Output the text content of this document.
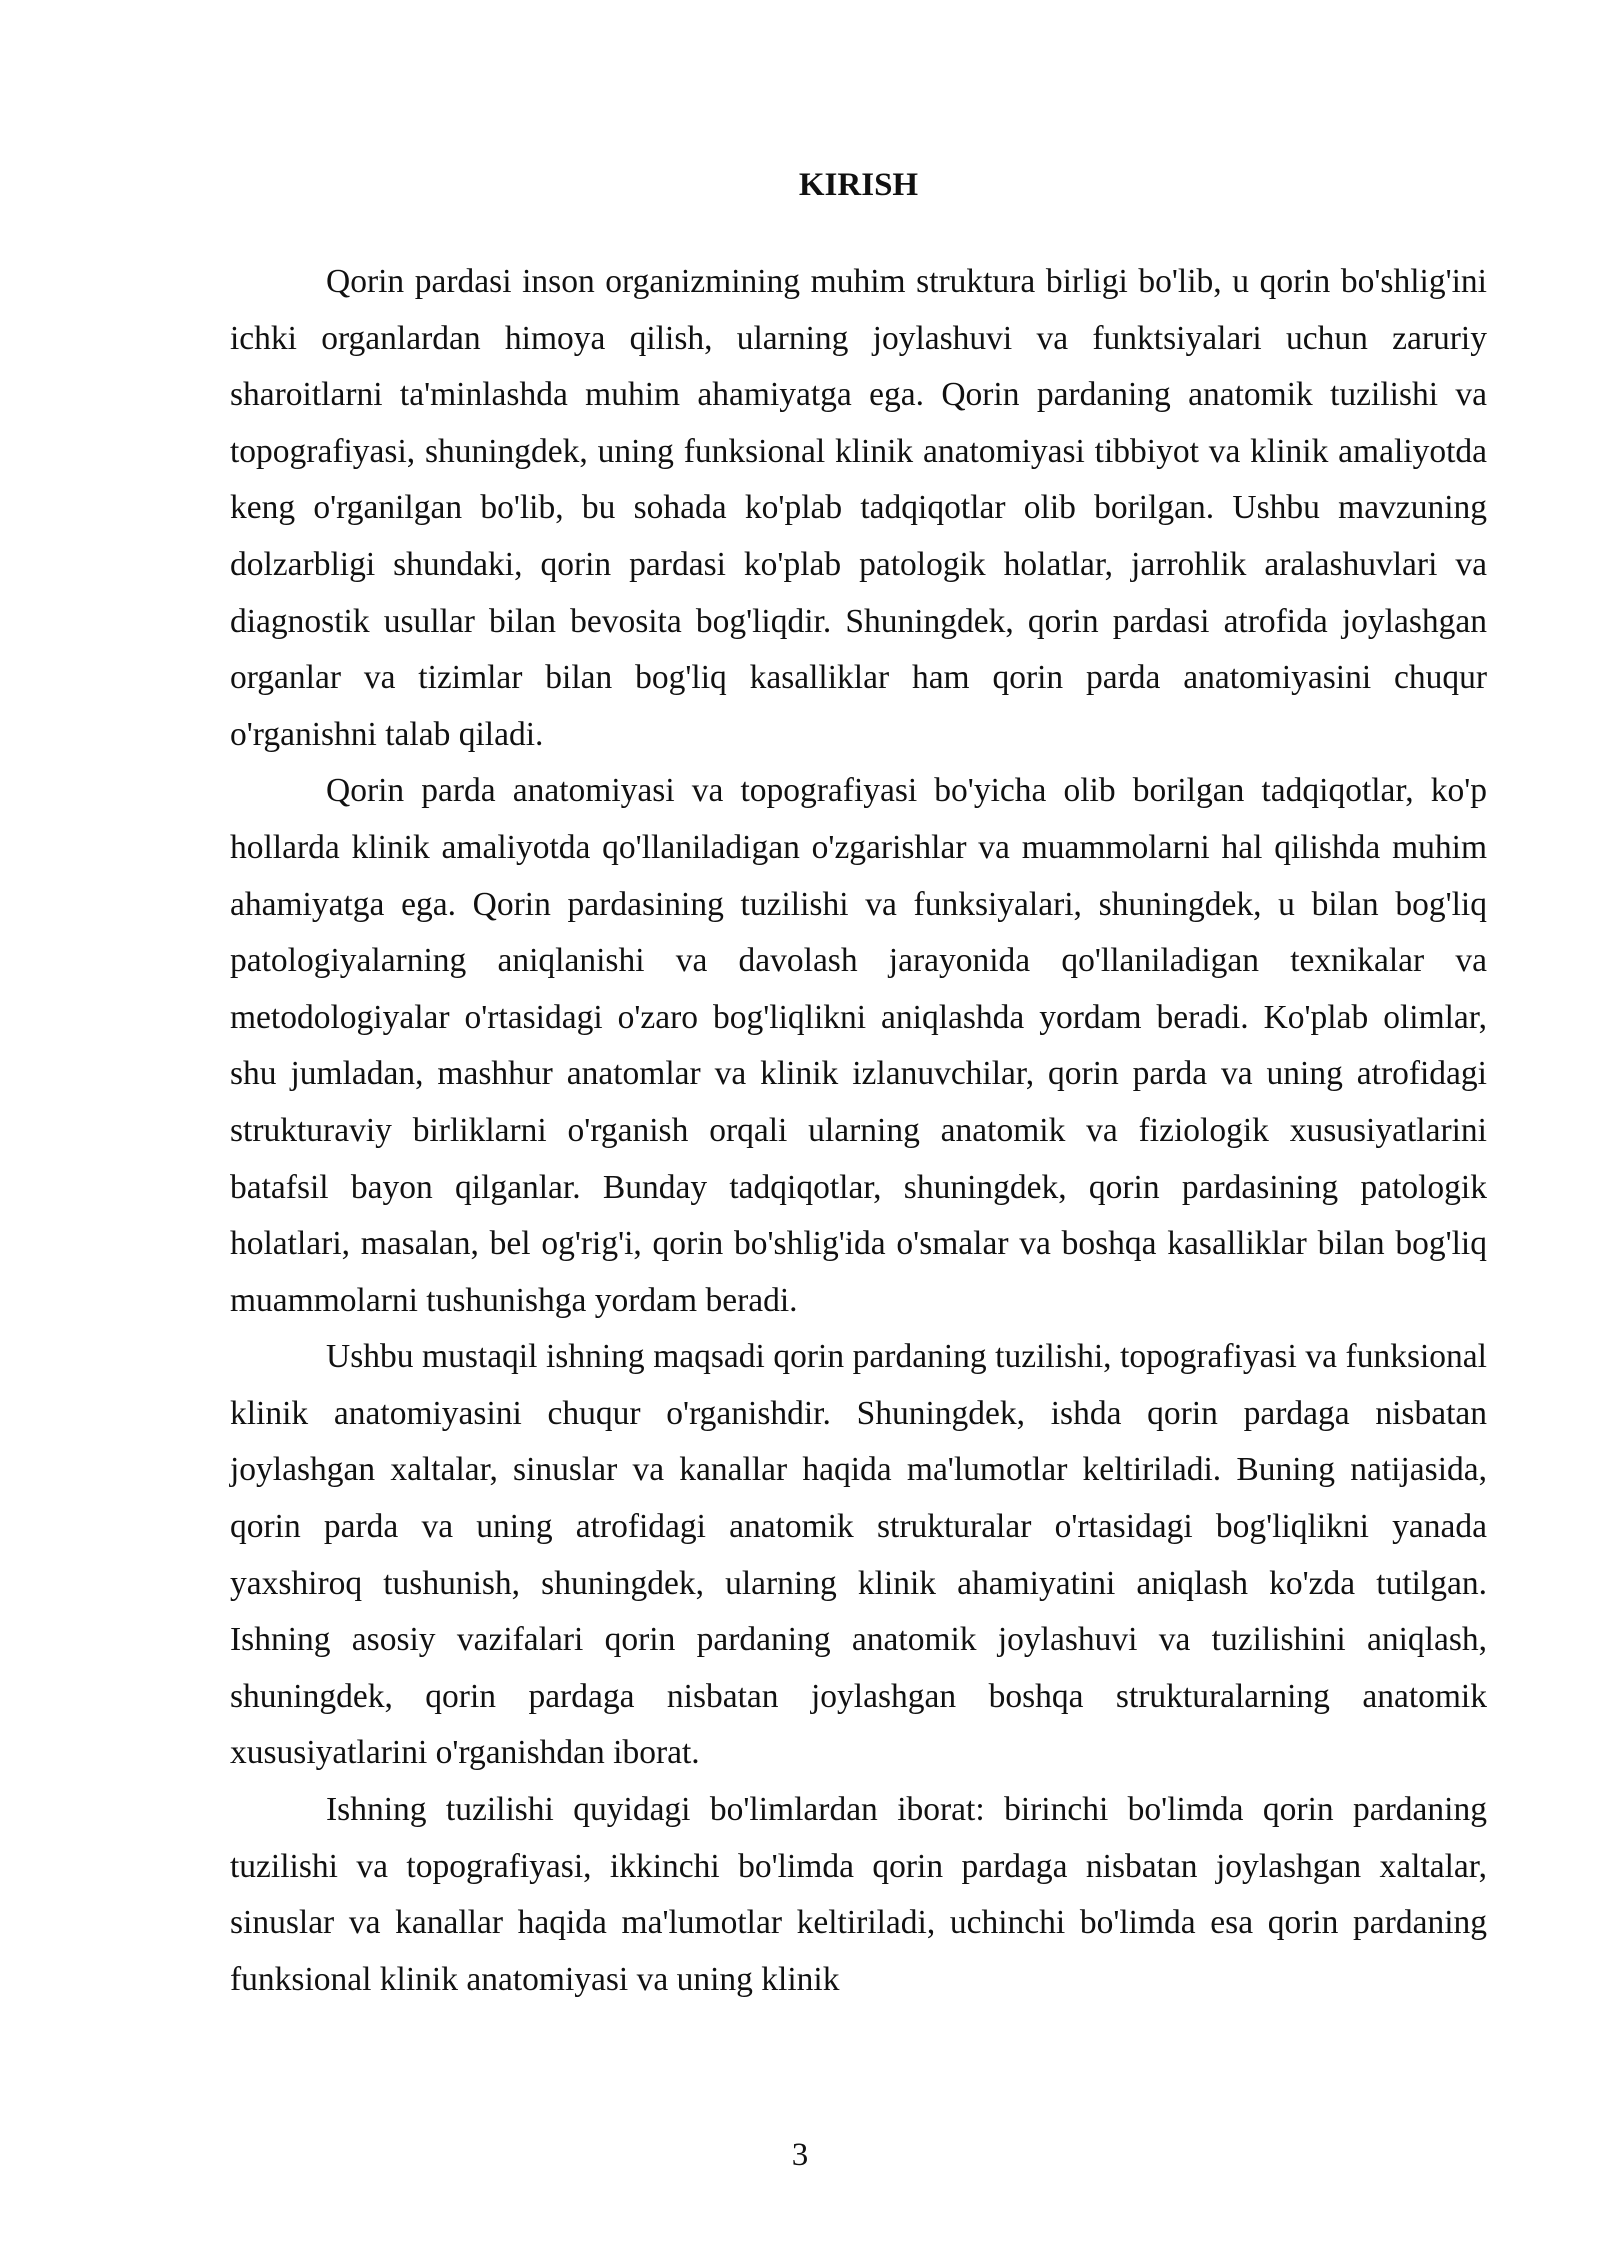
KIRISH

Qorin pardasi inson organizmining muhim struktura birligi bo'lib, u qorin bo'shlig'ini ichki organlardan himoya qilish, ularning joylashuvi va funktsiyalari uchun zaruriy sharoitlarni ta'minlashda muhim ahamiyatga ega. Qorin pardaning anatomik tuzilishi va topografiyasi, shuningdek, uning funksional klinik anatomiyasi tibbiyot va klinik amaliyotda keng o'rganilgan bo'lib, bu sohada ko'plab tadqiqotlar olib borilgan. Ushbu mavzuning dolzarbligi shundaki, qorin pardasi ko'plab patologik holatlar, jarrohlik aralashuvlari va diagnostik usullar bilan bevosita bog'liqdir. Shuningdek, qorin pardasi atrofida joylashgan organlar va tizimlar bilan bog'liq kasalliklar ham qorin parda anatomiyasini chuqur o'rganishni talab qiladi.

Qorin parda anatomiyasi va topografiyasi bo'yicha olib borilgan tadqiqotlar, ko'p hollarda klinik amaliyotda qo'llaniladigan o'zgarishlar va muammolarni hal qilishda muhim ahamiyatga ega. Qorin pardasining tuzilishi va funksiyalari, shuningdek, u bilan bog'liq patologiyalarning aniqlanishi va davolash jarayonida qo'llaniladigan texnikalar va metodologiyalar o'rtasidagi o'zaro bog'liqlikni aniqlashda yordam beradi. Ko'plab olimlar, shu jumladan, mashhur anatomlar va klinik izlanuvchilar, qorin parda va uning atrofidagi strukturaviy birliklarni o'rganish orqali ularning anatomik va fiziologik xususiyatlarini batafsil bayon qilganlar. Bunday tadqiqotlar, shuningdek, qorin pardasining patologik holatlari, masalan, bel og'rig'i, qorin bo'shlig'ida o'smalar va boshqa kasalliklar bilan bog'liq muammolarni tushunishga yordam beradi.

Ushbu mustaqil ishning maqsadi qorin pardaning tuzilishi, topografiyasi va funksional klinik anatomiyasini chuqur o'rganishdir. Shuningdek, ishda qorin pardaga nisbatan joylashgan xaltalar, sinuslar va kanallar haqida ma'lumotlar keltiriladi. Buning natijasida, qorin parda va uning atrofidagi anatomik strukturalar o'rtasidagi bog'liqlikni yanada yaxshiroq tushunish, shuningdek, ularning klinik ahamiyatini aniqlash ko'zda tutilgan. Ishning asosiy vazifalari qorin pardaning anatomik joylashuvi va tuzilishini aniqlash, shuningdek, qorin pardaga nisbatan joylashgan boshqa strukturalarning anatomik xususiyatlarini o'rganishdan iborat.

Ishning tuzilishi quyidagi bo'limlardan iborat: birinchi bo'limda qorin pardaning tuzilishi va topografiyasi, ikkinchi bo'limda qorin pardaga nisbatan joylashgan xaltalar, sinuslar va kanallar haqida ma'lumotlar keltiriladi, uchinchi bo'limda esa qorin pardaning funksional klinik anatomiyasi va uning klinik

3
